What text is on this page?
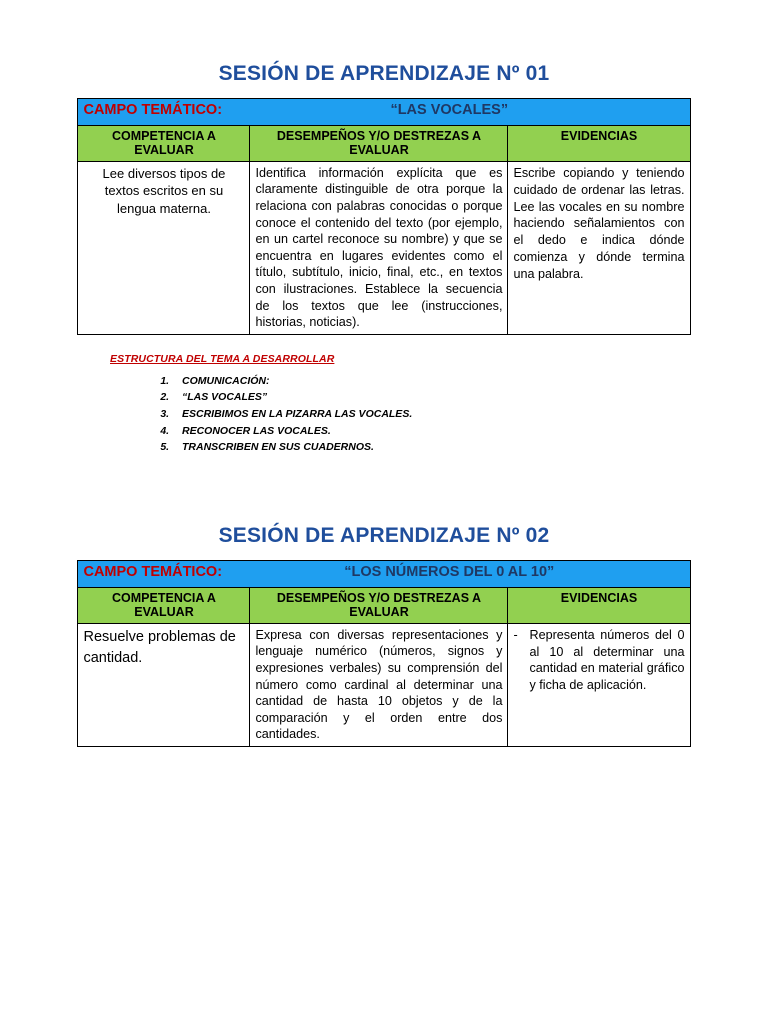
SESIÓN DE APRENDIZAJE Nº 01
CAMPO TEMÁTICO: “LAS VOCALES”		

COMPETENCIA A EVALUAR	DESEMPEÑOS Y/O DESTREZAS A EVALUAR	EVIDENCIAS
Lee diversos tipos de textos escritos en su lengua materna.	Identifica información explícita que es claramente distinguible de otra porque la relaciona con palabras conocidas o porque conoce el contenido del texto (por ejemplo, en un cartel reconoce su nombre) y que se encuentra en lugares evidentes como el título, subtítulo, inicio, final, etc., en textos con ilustraciones. Establece la secuencia de los textos que lee (instrucciones, historias, noticias).	Escribe copiando y teniendo cuidado de ordenar las letras. Lee las vocales en su nombre haciendo señalamientos con el dedo e indica dónde comienza y dónde termina una palabra.
ESTRUCTURA DEL TEMA A DESARROLLAR
1. COMUNICACIÓN:
2. “LAS VOCALES”
3. ESCRIBIMOS EN LA PIZARRA LAS VOCALES.
4. RECONOCER LAS VOCALES.
5. TRANSCRIBEN EN SUS CUADERNOS.
SESIÓN DE APRENDIZAJE Nº 02
CAMPO TEMÁTICO: “LOS NÚMEROS DEL 0 AL 10”		

COMPETENCIA A EVALUAR	DESEMPEÑOS Y/O DESTREZAS A EVALUAR	EVIDENCIAS
Resuelve problemas de cantidad.	Expresa con diversas representaciones y lenguaje numérico (números, signos y expresiones verbales) su comprensión del número como cardinal al determinar una cantidad de hasta 10 objetos y de la comparación y el orden entre dos cantidades.	- Representa números del 0 al 10 al determinar una cantidad en material gráfico y ficha de aplicación.
